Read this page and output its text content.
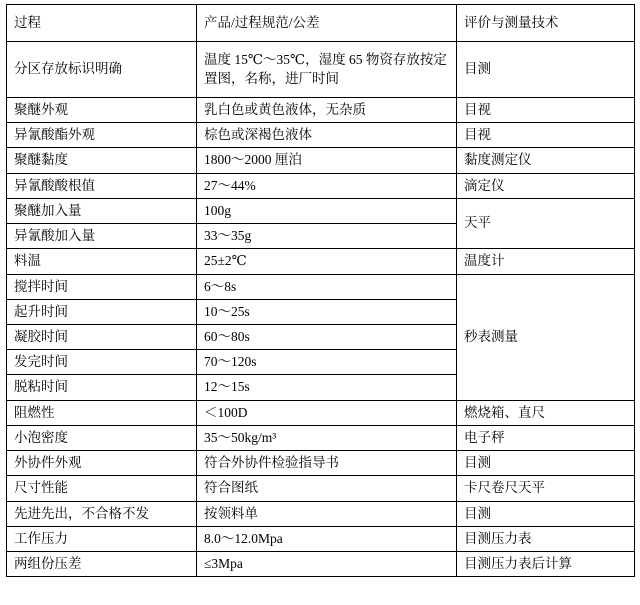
过程	产品/过程规范/公差	评价与测量技术
分区存放标识明确	温度 15℃～35℃，湿度 65 物资存放按定置图，名称，进厂时间	目测
聚醚外观	乳白色或黄色液体，无杂质	目视
异氰酸酯外观	棕色或深褐色液体	目视
聚醚黏度	1800～2000 厘泊	黏度测定仪
异氰酸酸根值	27～44%	滴定仪
聚醚加入量	100g	天平
异氰酸加入量	33～35g	
料温	25±2℃	温度计
搅拌时间	6～8s	秒表测量
起升时间	10～25s	
凝胶时间	60～80s	
发完时间	70～120s	
脱粘时间	12～15s	
阻燃性	＜100D	燃烧箱、直尺
小泡密度	35～50kg/m³	电子秤
外协件外观	符合外协件检验指导书	目测
尺寸性能	符合图纸	卡尺卷尺天平
先进先出，不合格不发	按领料单	目测
工作压力	8.0～12.0Mpa	目测压力表
两组份压差	≤3Mpa	目测压力表后计算
